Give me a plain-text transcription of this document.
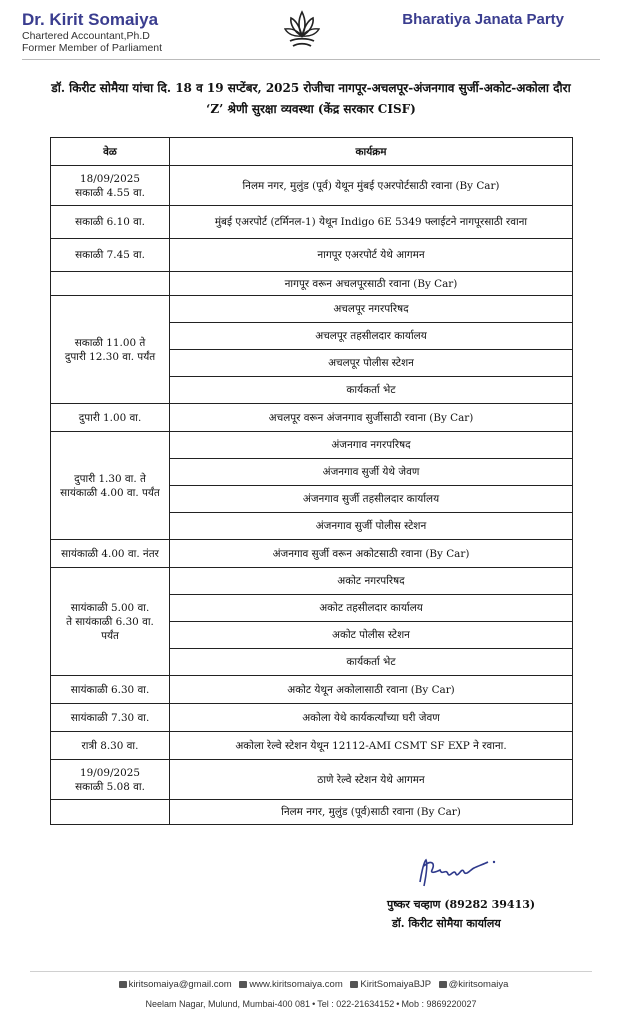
Dr. Kirit Somaiya
Chartered Accountant,Ph.D
Former Member of Parliament
Bharatiya Janata Party
डॉ. किरीट सोमैया यांचा दि. 18 व 19 सप्टेंबर, 2025 रोजीचा नागपूर-अचलपूर-अंजनगाव सुर्जी-अकोट-अकोला दौरा
‘Z’ श्रेणी सुरक्षा व्यवस्था (केंद्र सरकार CISF)
वेळ	कार्यक्रम

18/09/2025
सकाळी 4.55 वा.	निलम नगर, मुलुंड (पूर्व) येथून मुंबई एअरपोर्टसाठी रवाना (By Car)

सकाळी 6.10 वा.	मुंबई एअरपोर्ट (टर्मिनल-1) येथून Indigo 6E 5349 फ्लाईटने नागपूरसाठी रवाना

सकाळी 7.45 वा.	नागपूर एअरपोर्ट येथे आगमन
	नागपूर वरून अचलपूरसाठी रवाना (By Car)

सकाळी 11.00 ते
दुपारी 12.30 वा. पर्यंत	अचलपूर नगरपरिषद
	अचलपूर तहसीलदार कार्यालय
	अचलपूर पोलीस स्टेशन
	कार्यकर्ता भेट

दुपारी 1.00 वा.	अचलपूर वरून अंजनगाव सुर्जीसाठी रवाना (By Car)

दुपारी 1.30 वा. ते
सायंकाळी 4.00 वा. पर्यंत	अंजनगाव नगरपरिषद
	अंजनगाव सुर्जी येथे जेवण
	अंजनगाव सुर्जी तहसीलदार कार्यालय
	अंजनगाव सुर्जी पोलीस स्टेशन

सायंकाळी 4.00 वा. नंतर	अंजनगाव सुर्जी वरून अकोटसाठी रवाना (By Car)

सायंकाळी 5.00 वा.
ते सायंकाळी 6.30 वा.
पर्यंत	अकोट नगरपरिषद
	अकोट तहसीलदार कार्यालय
	अकोट पोलीस स्टेशन
	कार्यकर्ता भेट

सायंकाळी 6.30 वा.	अकोट येथून अकोलासाठी रवाना (By Car)

सायंकाळी 7.30 वा.	अकोला येथे कार्यकर्त्यांच्या घरी जेवण

रात्री 8.30 वा.	अकोला रेल्वे स्टेशन येथून 12112-AMI CSMT SF EXP ने रवाना.

19/09/2025
सकाळी 5.08 वा.	ठाणे रेल्वे स्टेशन येथे आगमन
	निलम नगर, मुलुंड (पूर्व)साठी रवाना (By Car)
पुष्कर चव्हाण (89282 39413)
डॉ. किरीट सोमैया कार्यालय
kiritsomaiya@gmail.com www.kiritsomaiya.com KiritSomaiyaBJP @kiritsomaiya
Neelam Nagar, Mulund, Mumbai-400 081 • Tel : 022-21634152 • Mob : 9869220027
